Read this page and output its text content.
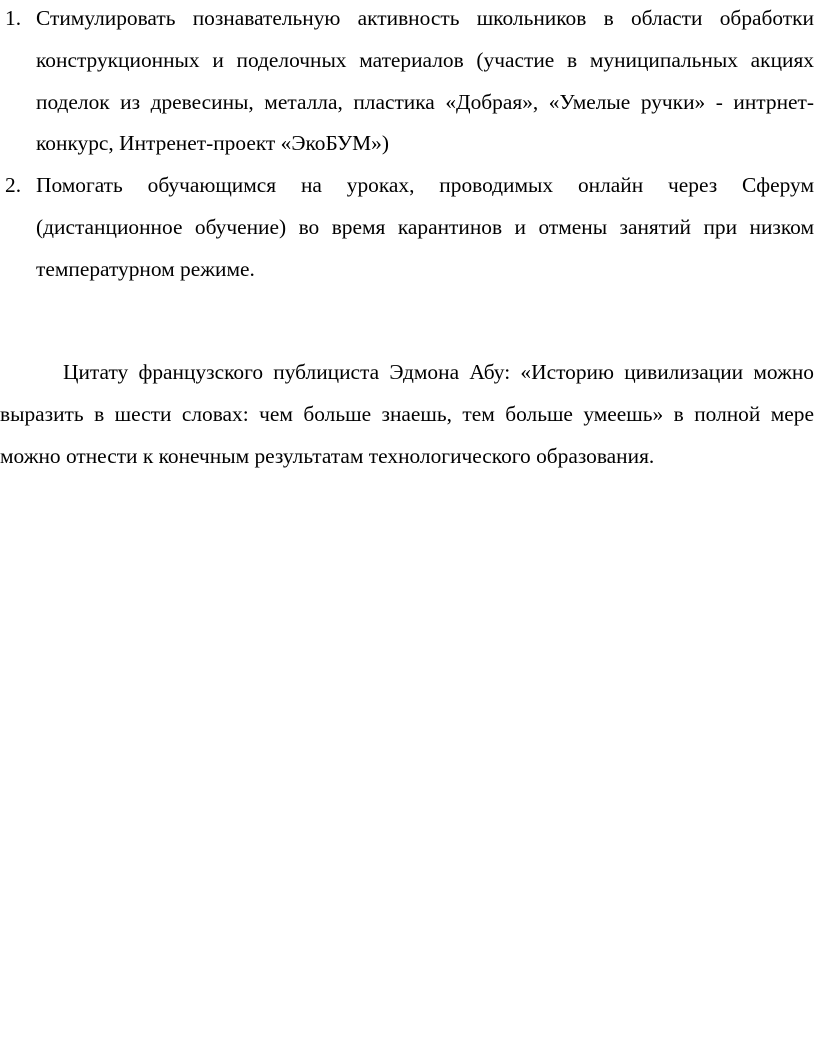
1. Стимулировать познавательную активность школьников в области обработки конструкционных и поделочных материалов (участие в муниципальных акциях поделок из древесины, металла, пластика «Добрая», «Умелые ручки» - интрнет-конкурс, Интренет-проект «ЭкоБУМ»)
2. Помогать обучающимся на уроках, проводимых онлайн через Сферум (дистанционное обучение) во время карантинов и отмены занятий при низком температурном режиме.

Цитату французского публициста Эдмона Абу: «Историю цивилизации можно выразить в шести словах: чем больше знаешь, тем больше умеешь» в полной мере можно отнести к конечным результатам технологического образования.
